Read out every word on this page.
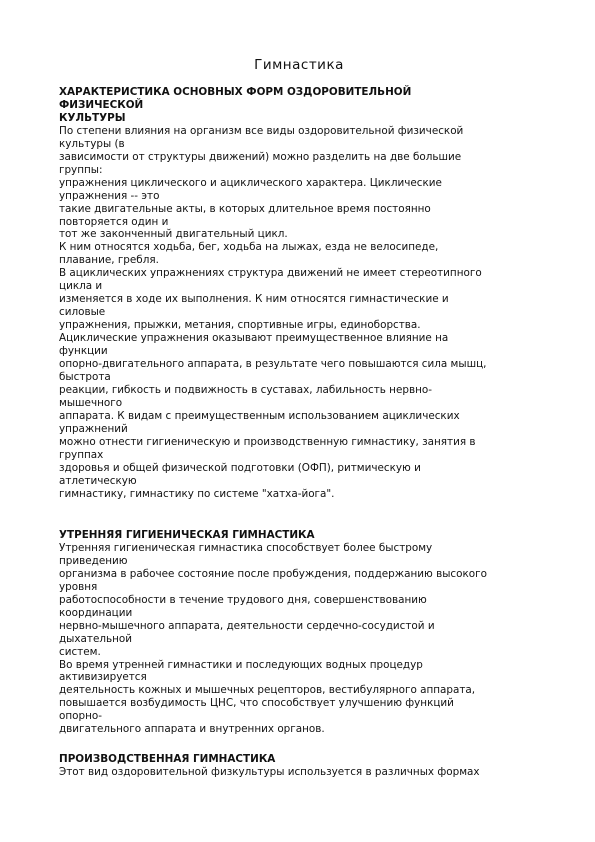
Гимнастика
ХАРАКТЕРИСТИКА ОСНОВНЫХ ФОРМ ОЗДОРОВИТЕЛЬНОЙ
ФИЗИЧЕСКОЙ
КУЛЬТУРЫ
По степени влияния на организм все виды оздоровительной физической
культуры (в
зависимости от структуры движений) можно разделить на две большие
группы:
упражнения циклического и ациклического характера. Циклические
упражнения -- это
такие двигательные акты, в которых длительное время постоянно
повторяется один и
тот же законченный двигательный цикл.
К ним относятся ходьба, бег, ходьба на лыжах, езда не велосипеде,
плавание, гребля.
В ациклических упражнениях структура движений не имеет стереотипного
цикла и
изменяется в ходе их выполнения. К ним относятся гимнастические и
силовые
упражнения, прыжки, метания, спортивные игры, единоборства.
Ациклические упражнения оказывают преимущественное влияние на
функции
опорно-двигательного аппарата, в результате чего повышаются сила мышц,
быстрота
реакции, гибкость и подвижность в суставах, лабильность нервно-
мышечного
аппарата. К видам с преимущественным использованием ациклических
упражнений
можно отнести гигиеническую и производственную гимнастику, занятия в
группах
здоровья и общей физической подготовки (ОФП), ритмическую и
атлетическую
гимнастику, гимнастику по системе "хатха-йога".
УТРЕННЯЯ ГИГИЕНИЧЕСКАЯ ГИМНАСТИКА
Утренняя гигиеническая гимнастика способствует более быстрому
приведению
организма в рабочее состояние после пробуждения, поддержанию высокого
уровня
работоспособности в течение трудового дня, совершенствованию
координации
нервно-мышечного аппарата, деятельности сердечно-сосудистой и
дыхательной
систем.
Во время утренней гимнастики и последующих водных процедур
активизируется
деятельность кожных и мышечных рецепторов, вестибулярного аппарата,
повышается возбудимость ЦНС, что способствует улучшению функций
опорно-
двигательного аппарата и внутренних органов.
ПРОИЗВОДСТВЕННАЯ ГИМНАСТИКА
Этот вид оздоровительной физкультуры используется в различных формах
